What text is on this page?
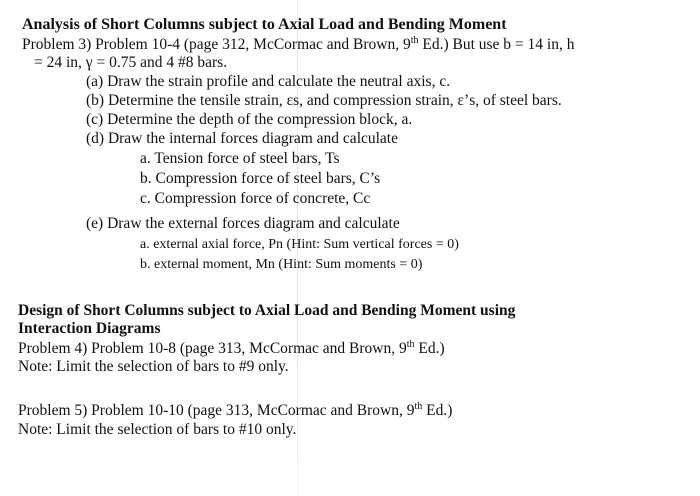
Analysis of Short Columns subject to Axial Load and Bending Moment
Problem 3) Problem 10-4 (page 312, McCormac and Brown, 9th Ed.) But use b = 14 in, h
= 24 in, γ = 0.75 and 4 #8 bars.
(a) Draw the strain profile and calculate the neutral axis, c.
(b) Determine the tensile strain, εs, and compression strain, ε’s, of steel bars.
(c) Determine the depth of the compression block, a.
(d) Draw the internal forces diagram and calculate
a. Tension force of steel bars, Ts
b. Compression force of steel bars, C’s
c. Compression force of concrete, Cc
(e) Draw the external forces diagram and calculate
a. external axial force, Pn (Hint: Sum vertical forces = 0)
b. external moment, Mn (Hint: Sum moments = 0)
Design of Short Columns subject to Axial Load and Bending Moment using
Interaction Diagrams
Problem 4) Problem 10-8 (page 313, McCormac and Brown, 9th Ed.)
Note: Limit the selection of bars to #9 only.
Problem 5) Problem 10-10 (page 313, McCormac and Brown, 9th Ed.)
Note: Limit the selection of bars to #10 only.
